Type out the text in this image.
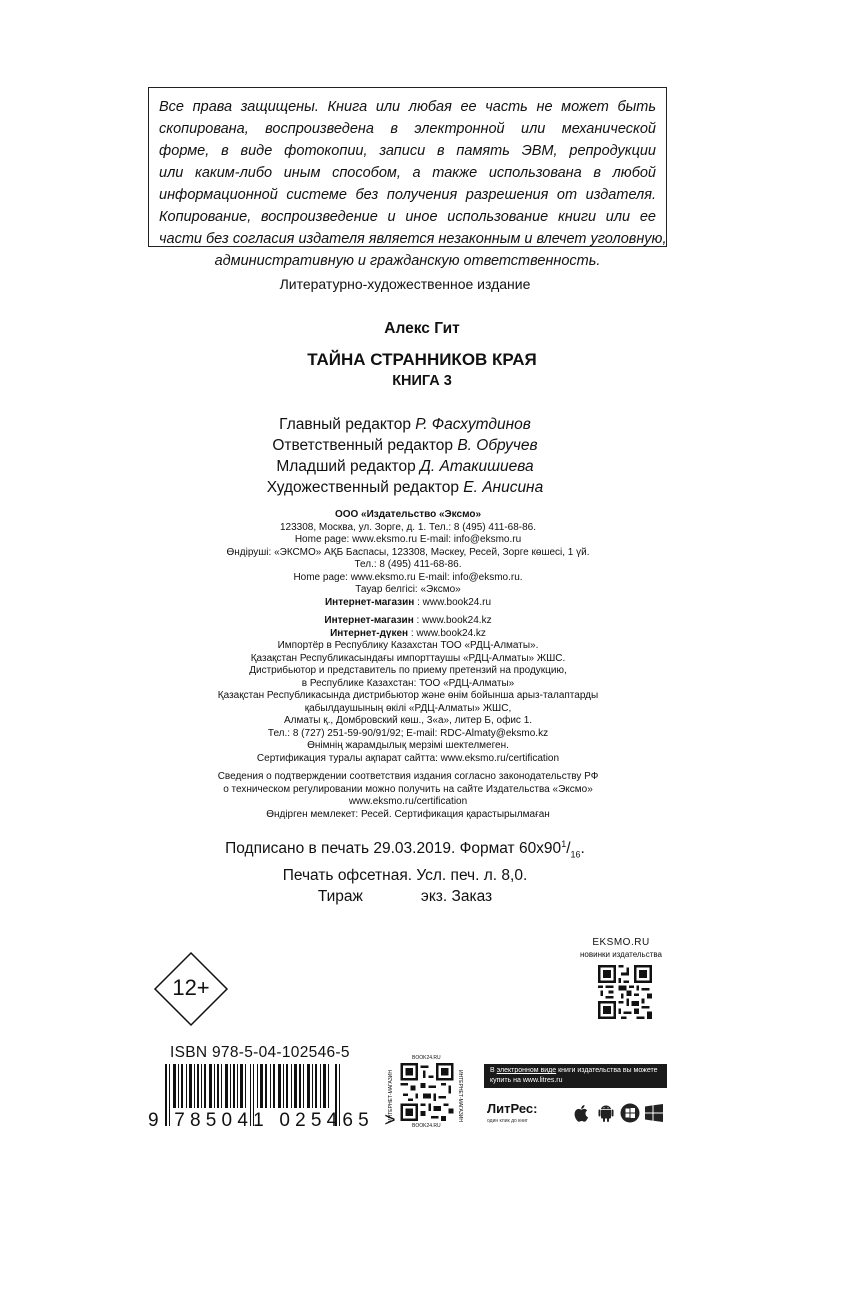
Все права защищены. Книга или любая ее часть не может быть
скопирована, воспроизведена в электронной или механической
форме, в виде фотокопии, записи в память ЭВМ, репродукции
или каким-либо иным способом, а также использована в любой
информационной системе без получения разрешения от издателя.
Копирование, воспроизведение и иное использование книги или ее
части без согласия издателя является незаконным и влечет уголовную,
административную и гражданскую ответственность.
Литературно-художественное издание
Алекс Гит
ТАЙНА СТРАННИКОВ КРАЯ
КНИГА 3
Главный редактор Р. Фасхутдинов
Ответственный редактор В. Обручев
Младший редактор Д. Атакишиева
Художественный редактор Е. Анисина
ООО «Издательство «Эксмо»
123308, Москва, ул. Зорге, д. 1. Тел.: 8 (495) 411-68-86.
Home page: www.eksmo.ru E-mail: info@eksmo.ru
Өндіруші: «ЭКСМО» АҚБ Баспасы, 123308, Мәскеу, Ресей, Зорге көшесі, 1 үй.
Тел.: 8 (495) 411-68-86.
Home page: www.eksmo.ru E-mail: info@eksmo.ru.
Тауар белгісі: «Эксмо»
Интернет-магазин : www.book24.ru
Интернет-магазин : www.book24.kz
Интернет-дүкен : www.book24.kz
Импортёр в Республику Казахстан ТОО «РДЦ-Алматы».
Қазақстан Республикасындағы импорттаушы «РДЦ-Алматы» ЖШС.
Дистрибьютор и представитель по приему претензий на продукцию,
в Республике Казахстан: ТОО «РДЦ-Алматы»
Қазақстан Республикасында дистрибьютор және өнім бойынша арыз-талаптарды
қабылдаушының өкілі «РДЦ-Алматы» ЖШС,
Алматы қ., Домбровский көш., 3«а», литер Б, офис 1.
Тел.: 8 (727) 251-59-90/91/92; E-mail: RDC-Almaty@eksmo.kz
Өнімнің жарамдылық мерзімі шектелмеген.
Сертификация туралы ақпарат сайтта: www.eksmo.ru/certification
Сведения о подтверждении соответствия издания согласно законодательству РФ
о техническом регулировании можно получить на сайте Издательства «Эксмо»
www.eksmo.ru/certification
Өндірген мемлекет: Ресей. Сертификация қарастырылмаған
Подписано в печать 29.03.2019. Формат $60x90^1/_{16}$.
Печать офсетная. Усл. печ. л. 8,0.
Тираж	экз. Заказ
EKSMO.RU
новинки издательства
12+
ISBN 978-5-04-102546-5
9 785041 025465 >
BOOK24.RU
ИНТЕРНЕТ-МАГАЗИН	ИНТЕРНЕТ-МАГАЗИН
BOOK24.RU
В электронном виде книги издательства вы можете купить на www.litres.ru
ЛитРес:
один клик до книг
